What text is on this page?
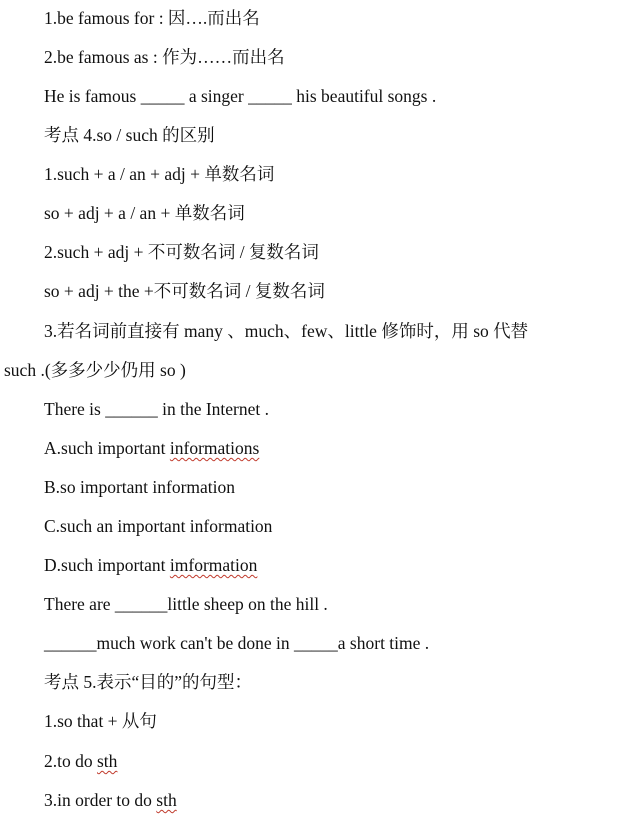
1.be famous for : 因….而出名
2.be famous as : 作为……而出名
He is famous _____ a singer _____ his beautiful songs .
考点 4.so / such 的区别
1.such + a / an + adj + 单数名词
so + adj + a / an + 单数名词
2.such + adj + 不可数名词 / 复数名词
so + adj + the +不可数名词 / 复数名词
3.若名词前直接有 many 、much、few、little 修饰时，用 so 代替
such .(多多少少仍用 so )
There is ______ in the Internet .
A.such important informations
B.so important information
C.such an important information
D.such important imformation
There are ______little sheep on the hill .
______much work can't be done in _____a short time .
考点 5.表示“目的”的句型：
1.so that + 从句
2.to do sth
3.in order to do sth
